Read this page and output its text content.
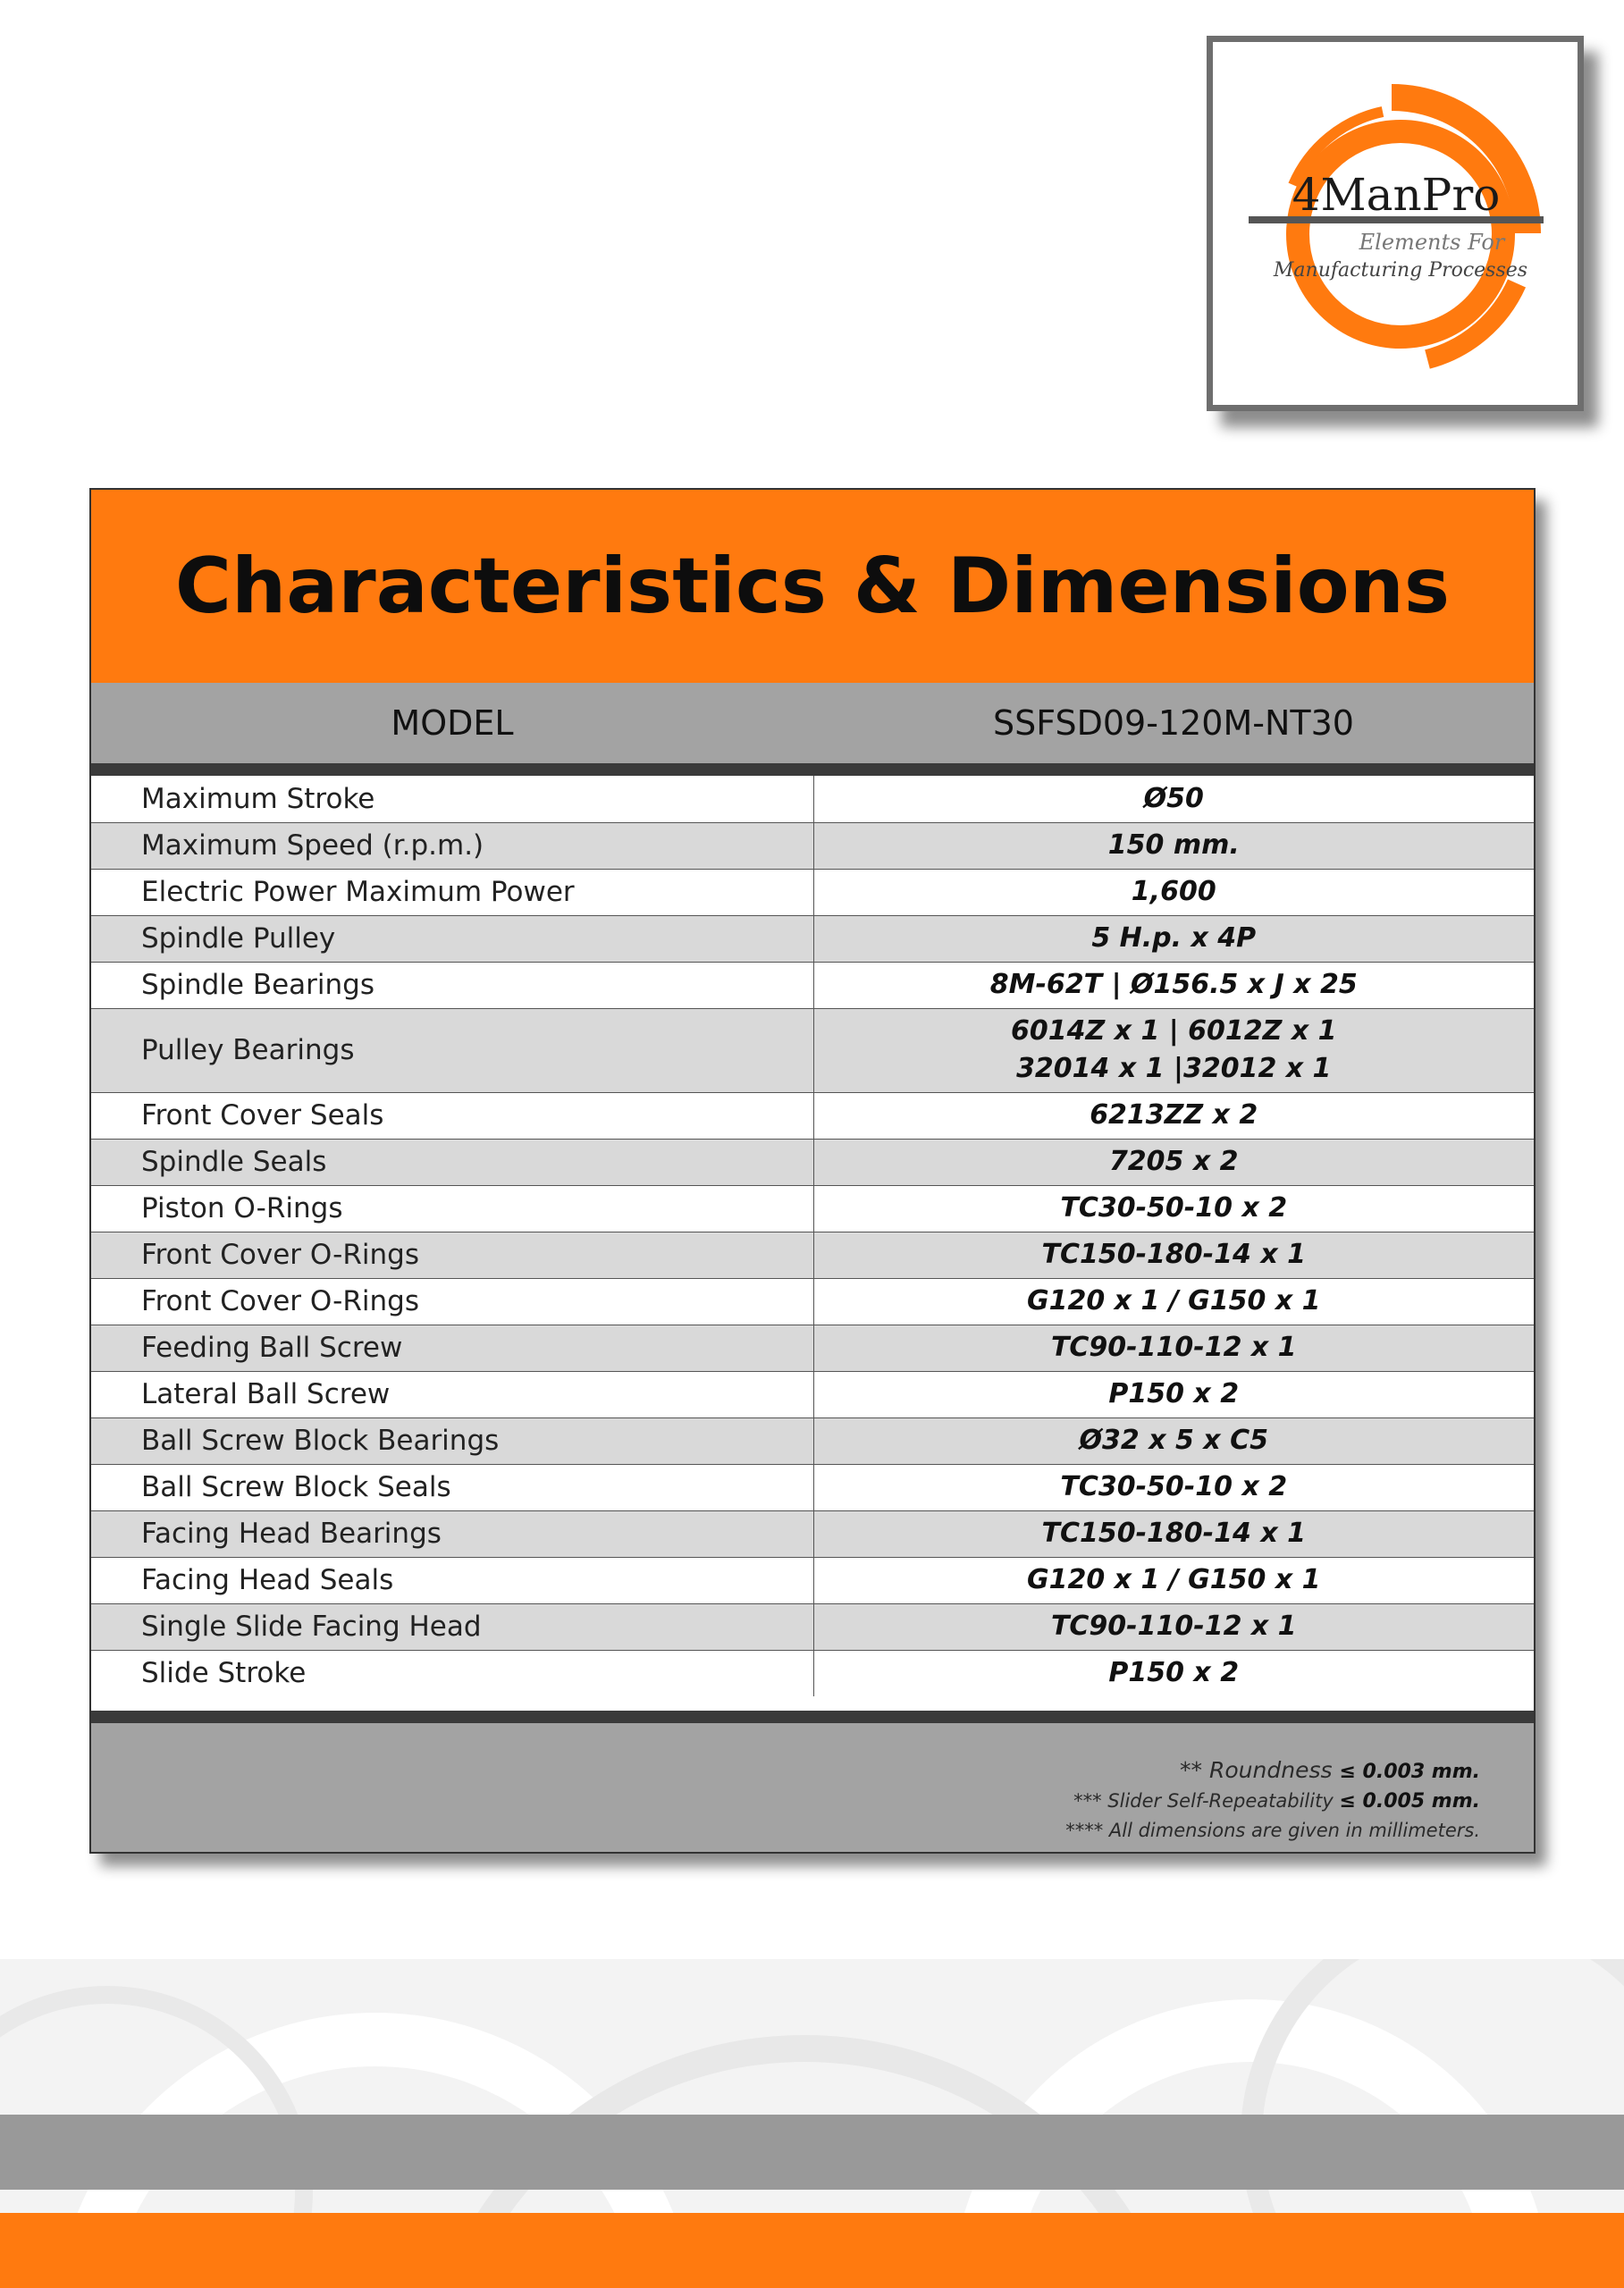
4ManPro
Elements For
Manufacturing Processes
Characteristics & Dimensions
MODEL	SSFSD09-120M-NT30
Maximum Stroke	Ø50
Maximum Speed (r.p.m.)	150 mm.
Electric Power Maximum Power	1,600
Spindle Pulley	5 H.p. x 4P
Spindle Bearings	8M-62T | Ø156.5 x J x 25
Pulley Bearings	6014Z x 1 | 6012Z x 1
32014 x 1 |32012 x 1

Front Cover Seals	6213ZZ x 2
Spindle Seals	7205 x 2
Piston O-Rings	TC30-50-10 x 2
Front Cover O-Rings	TC150-180-14 x 1
Front Cover O-Rings	G120 x 1 / G150 x 1
Feeding Ball Screw	TC90-110-12 x 1
Lateral Ball Screw	P150 x 2
Ball Screw Block Bearings	Ø32 x 5 x C5
Ball Screw Block Seals	TC30-50-10 x 2
Facing Head Bearings	TC150-180-14 x 1
Facing Head Seals	G120 x 1 / G150 x 1
Single Slide Facing Head	TC90-110-12 x 1
Slide Stroke	P150 x 2
** Roundness ≤ 0.003 mm.
*** Slider Self-Repeatability ≤ 0.005 mm.
**** All dimensions are given in millimeters.
